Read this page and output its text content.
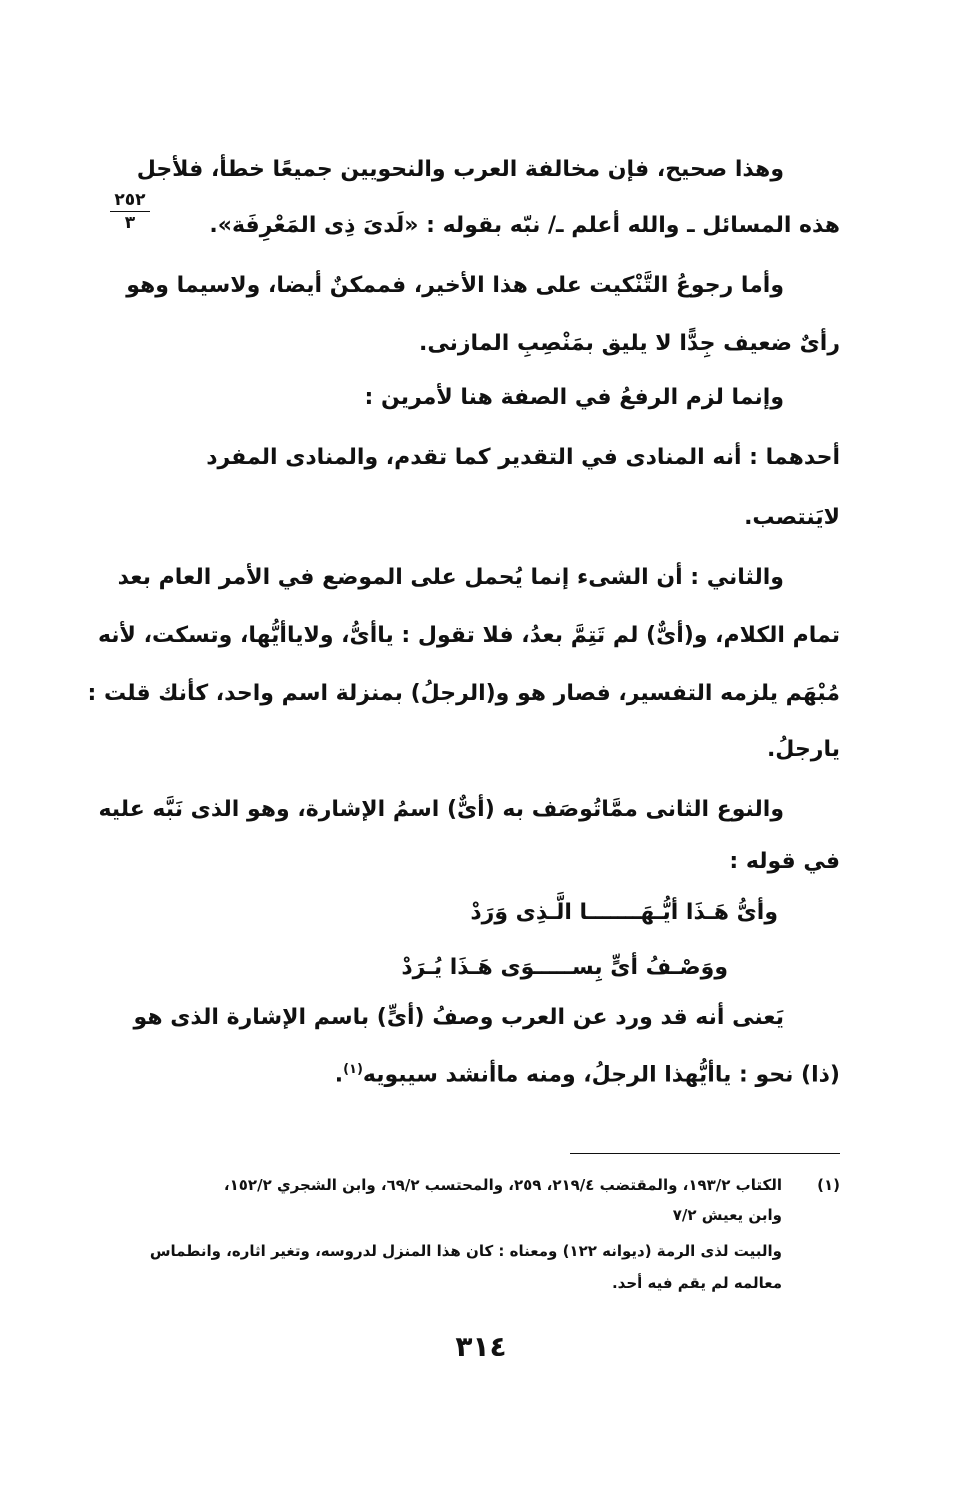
٢٥٢
٣
وهذا صحيح، فإن مخالفة العرب والنحويين جميعًا خطأ، فلأجل
هذه المسائل ـ والله أعلم ـ/ نبّه بقوله : «لَدىَ ذِى المَعْرِفَة».
وأما رجوعُ التَّنْكيت على هذا الأخير، فممكنٌ أيضا، ولاسيما وهو
رأىٌ ضعيف جِدًّا لا يليق بمَنْصِبِ المازنى.
وإنما لزم الرفعُ في الصفة هنا لأمرين :
أحدهما : أنه المنادى في التقدير كما تقدم، والمنادى المفرد
لايَنتصب.
والثاني : أن الشىء إنما يُحمل على الموضع في الأمر العام بعد
تمام الكلام، و(أىٌّ) لم تَتِمَّ بعدُ، فلا تقول : ياأىُّ، ولاياأيُّها، وتسكت، لأنه
مُبْهَم يلزمه التفسير، فصار هو و(الرجلُ) بمنزلة اسم واحد، كأنك قلت :
يارجلُ.
والنوع الثانى ممَّاتُوصَف به (أىٌّ) اسمُ الإشارة، وهو الذى نَبَّه عليه
في قوله :
وأىُّ هَـذَا أيُّـهَـــــــا الَّـذِى وَرَدْ
ووَصْـفُ أىٍّ بِســـــوَى هَـذَا يُـرَدْ
يَعنى أنه قد ورد عن العرب وصفُ (أىٍّ) باسم الإشارة الذى هو
(ذا) نحو : ياأيُّهذا الرجلُ، ومنه ماأنشد سيبويه$^{(١)}$.
(١)
الكتاب ١٩٣/٢، والمقتضب ٢١٩/٤، ٢٥٩، والمحتسب ٦٩/٢، وابن الشجري ١٥٢/٢،
وابن يعيش ٧/٢
والبيت لذى الرمة (ديوانه ١٢٢) ومعناه : كان هذا المنزل لدروسه، وتغير اثاره، وانطماس
معالمه لم يقم فيه أحد.
٣١٤
